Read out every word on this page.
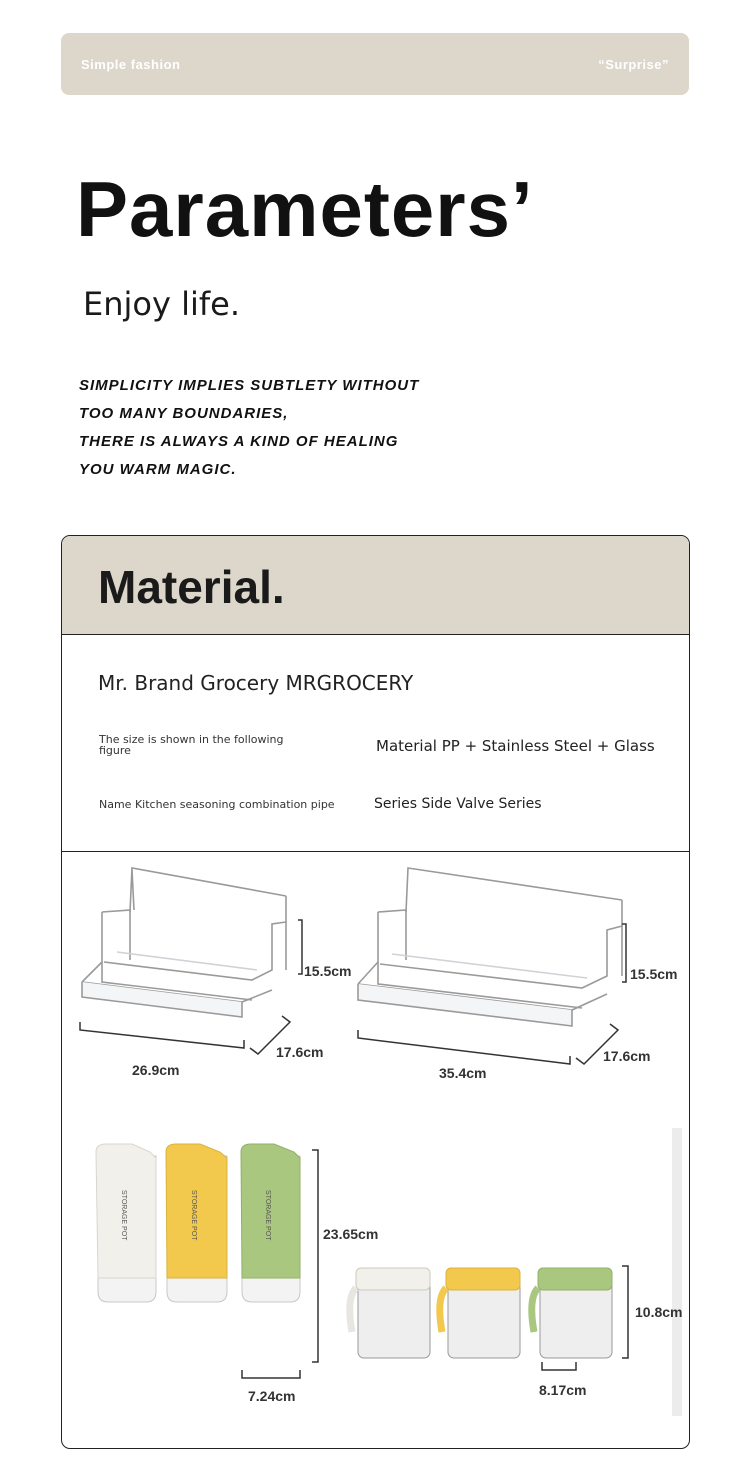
Simple fashion	“Surprise”
Parameters’
Enjoy life.
SIMPLICITY IMPLIES SUBTLETY WITHOUT
TOO MANY BOUNDARIES,
THERE IS ALWAYS A KIND OF HEALING
YOU WARM MAGIC.
Material.
Mr. Brand Grocery MRGROCERY
The size is shown in the following figure	Material PP + Stainless Steel + Glass
Name Kitchen seasoning combination pipe	Series Side Valve Series
STORAGE POT	STORAGE POT	STORAGE POT
15.5cm
17.6cm
26.9cm
15.5cm
17.6cm
35.4cm
23.65cm
7.24cm
10.8cm
8.17cm
